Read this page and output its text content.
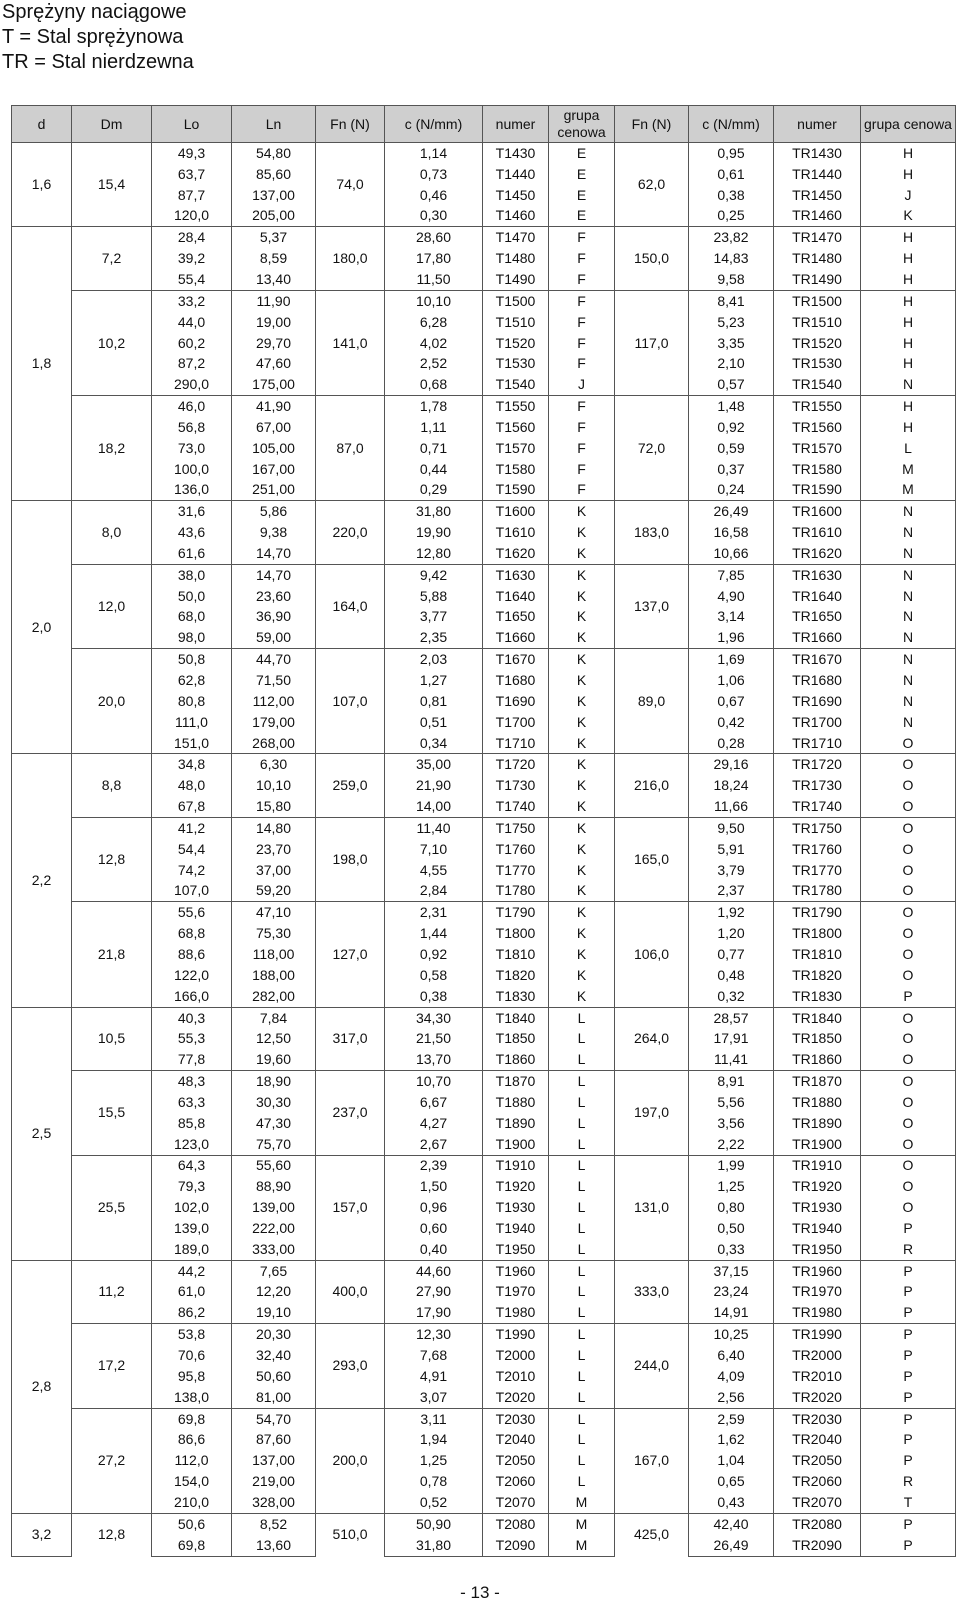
Sprężyny naciągowe
T = Stal sprężynowa
TR = Stal nierdzewna
d	Dm	Lo	Ln	Fn (N)	c (N/mm)	numer	grupa cenowa	Fn (N)	c (N/mm)	numer	grupa cenowa
1,6	15,4	49,3	54,80	74,0	1,14	T1430	E	62,0	0,95	TR1430	H
		63,7	85,60		0,73	T1440	E		0,61	TR1440	H
		87,7	137,00		0,46	T1450	E		0,38	TR1450	J
		120,0	205,00		0,30	T1460	E		0,25	TR1460	K
1,8	7,2	28,4	5,37	180,0	28,60	T1470	F	150,0	23,82	TR1470	H
		39,2	8,59		17,80	T1480	F		14,83	TR1480	H
		55,4	13,40		11,50	T1490	F		9,58	TR1490	H
	10,2	33,2	11,90	141,0	10,10	T1500	F	117,0	8,41	TR1500	H
		44,0	19,00		6,28	T1510	F		5,23	TR1510	H
		60,2	29,70		4,02	T1520	F		3,35	TR1520	H
		87,2	47,60		2,52	T1530	F		2,10	TR1530	H
		290,0	175,00		0,68	T1540	J		0,57	TR1540	N
	18,2	46,0	41,90	87,0	1,78	T1550	F	72,0	1,48	TR1550	H
		56,8	67,00		1,11	T1560	F		0,92	TR1560	H
		73,0	105,00		0,71	T1570	F		0,59	TR1570	L
		100,0	167,00		0,44	T1580	F		0,37	TR1580	M
		136,0	251,00		0,29	T1590	F		0,24	TR1590	M
2,0	8,0	31,6	5,86	220,0	31,80	T1600	K	183,0	26,49	TR1600	N
		43,6	9,38		19,90	T1610	K		16,58	TR1610	N
		61,6	14,70		12,80	T1620	K		10,66	TR1620	N
	12,0	38,0	14,70	164,0	9,42	T1630	K	137,0	7,85	TR1630	N
		50,0	23,60		5,88	T1640	K		4,90	TR1640	N
		68,0	36,90		3,77	T1650	K		3,14	TR1650	N
		98,0	59,00		2,35	T1660	K		1,96	TR1660	N
	20,0	50,8	44,70	107,0	2,03	T1670	K	89,0	1,69	TR1670	N
		62,8	71,50		1,27	T1680	K		1,06	TR1680	N
		80,8	112,00		0,81	T1690	K		0,67	TR1690	N
		111,0	179,00		0,51	T1700	K		0,42	TR1700	N
		151,0	268,00		0,34	T1710	K		0,28	TR1710	O
2,2	8,8	34,8	6,30	259,0	35,00	T1720	K	216,0	29,16	TR1720	O
		48,0	10,10		21,90	T1730	K		18,24	TR1730	O
		67,8	15,80		14,00	T1740	K		11,66	TR1740	O
	12,8	41,2	14,80	198,0	11,40	T1750	K	165,0	9,50	TR1750	O
		54,4	23,70		7,10	T1760	K		5,91	TR1760	O
		74,2	37,00		4,55	T1770	K		3,79	TR1770	O
		107,0	59,20		2,84	T1780	K		2,37	TR1780	O
	21,8	55,6	47,10	127,0	2,31	T1790	K	106,0	1,92	TR1790	O
		68,8	75,30		1,44	T1800	K		1,20	TR1800	O
		88,6	118,00		0,92	T1810	K		0,77	TR1810	O
		122,0	188,00		0,58	T1820	K		0,48	TR1820	O
		166,0	282,00		0,38	T1830	K		0,32	TR1830	P
2,5	10,5	40,3	7,84	317,0	34,30	T1840	L	264,0	28,57	TR1840	O
		55,3	12,50		21,50	T1850	L		17,91	TR1850	O
		77,8	19,60		13,70	T1860	L		11,41	TR1860	O
	15,5	48,3	18,90	237,0	10,70	T1870	L	197,0	8,91	TR1870	O
		63,3	30,30		6,67	T1880	L		5,56	TR1880	O
		85,8	47,30		4,27	T1890	L		3,56	TR1890	O
		123,0	75,70		2,67	T1900	L		2,22	TR1900	O
	25,5	64,3	55,60	157,0	2,39	T1910	L	131,0	1,99	TR1910	O
		79,3	88,90		1,50	T1920	L		1,25	TR1920	O
		102,0	139,00		0,96	T1930	L		0,80	TR1930	O
		139,0	222,00		0,60	T1940	L		0,50	TR1940	P
		189,0	333,00		0,40	T1950	L		0,33	TR1950	R
2,8	11,2	44,2	7,65	400,0	44,60	T1960	L	333,0	37,15	TR1960	P
		61,0	12,20		27,90	T1970	L		23,24	TR1970	P
		86,2	19,10		17,90	T1980	L		14,91	TR1980	P
	17,2	53,8	20,30	293,0	12,30	T1990	L	244,0	10,25	TR1990	P
		70,6	32,40		7,68	T2000	L		6,40	TR2000	P
		95,8	50,60		4,91	T2010	L		4,09	TR2010	P
		138,0	81,00		3,07	T2020	L		2,56	TR2020	P
	27,2	69,8	54,70	200,0	3,11	T2030	L	167,0	2,59	TR2030	P
		86,6	87,60		1,94	T2040	L		1,62	TR2040	P
		112,0	137,00		1,25	T2050	L		1,04	TR2050	P
		154,0	219,00		0,78	T2060	L		0,65	TR2060	R
		210,0	328,00		0,52	T2070	M		0,43	TR2070	T
3,2	12,8	50,6	8,52	510,0	50,90	T2080	M	425,0	42,40	TR2080	P
		69,8	13,60		31,80	T2090	M		26,49	TR2090	P
- 13 -
